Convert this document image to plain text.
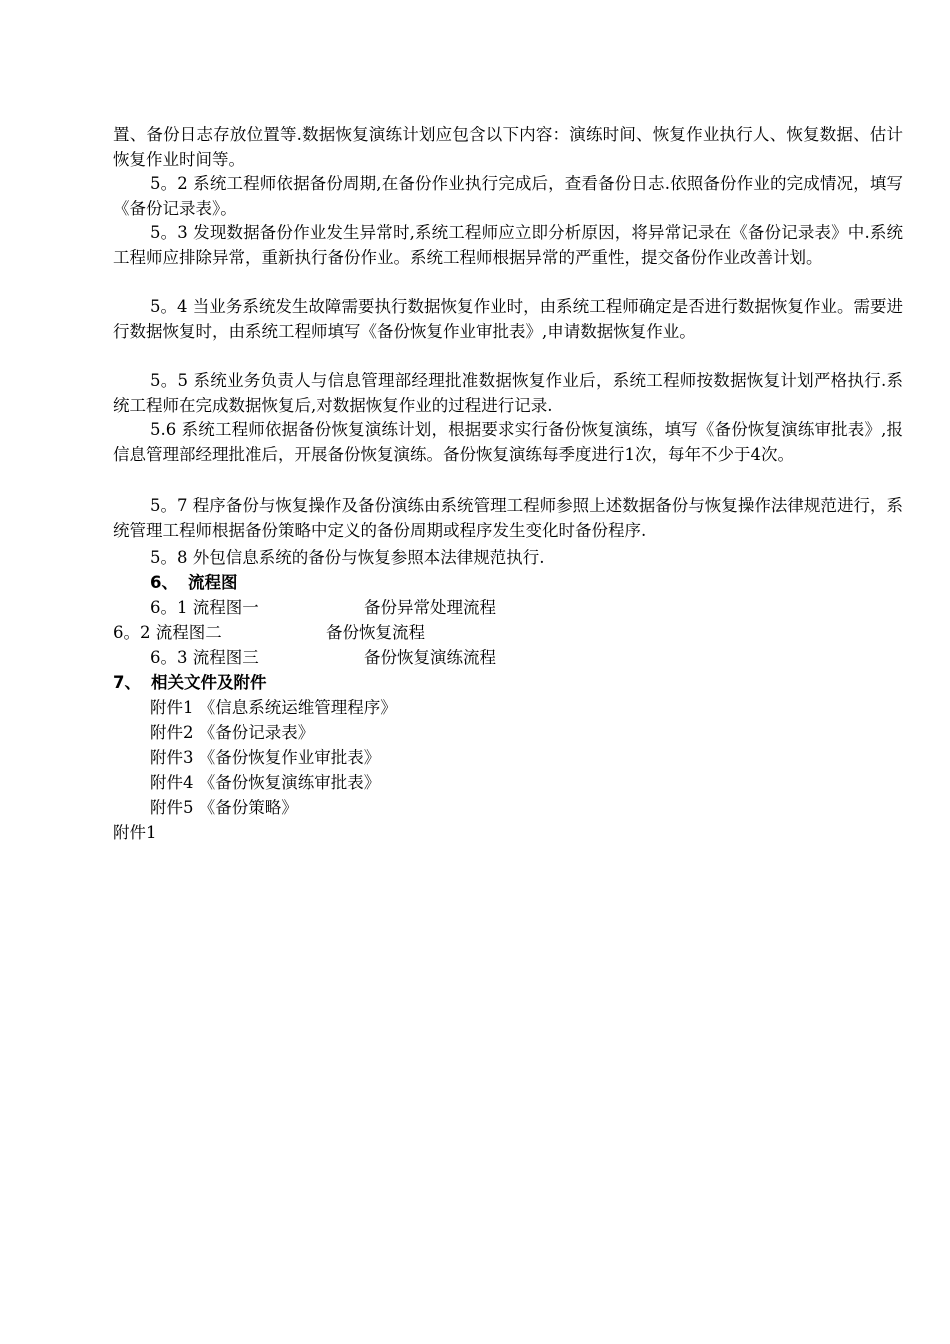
置、备份日志存放位置等.数据恢复演练计划应包含以下内容：演练时间、恢复作业执行人、恢复数据、估计恢复作业时间等。
5。2 系统工程师依据备份周期,在备份作业执行完成后，查看备份日志.依照备份作业的完成情况，填写《备份记录表》。
5。3 发现数据备份作业发生异常时,系统工程师应立即分析原因，将异常记录在《备份记录表》中.系统工程师应排除异常，重新执行备份作业。系统工程师根据异常的严重性，提交备份作业改善计划。
5。4 当业务系统发生故障需要执行数据恢复作业时，由系统工程师确定是否进行数据恢复作业。需要进行数据恢复时，由系统工程师填写《备份恢复作业审批表》,申请数据恢复作业。
5。5 系统业务负责人与信息管理部经理批准数据恢复作业后，系统工程师按数据恢复计划严格执行.系统工程师在完成数据恢复后,对数据恢复作业的过程进行记录.
5.6 系统工程师依据备份恢复演练计划，根据要求实行备份恢复演练，填写《备份恢复演练审批表》,报信息管理部经理批准后，开展备份恢复演练。备份恢复演练每季度进行1次，每年不少于4次。
5。7 程序备份与恢复操作及备份演练由系统管理工程师参照上述数据备份与恢复操作法律规范进行，系统管理工程师根据备份策略中定义的备份周期或程序发生变化时备份程序.
5。8 外包信息系统的备份与恢复参照本法律规范执行.
6、 流程图
6。1 流程图一	备份异常处理流程
6。2 流程图二	备份恢复流程
6。3 流程图三	备份恢复演练流程
7、 相关文件及附件
附件1 《信息系统运维管理程序》
附件2 《备份记录表》
附件3 《备份恢复作业审批表》
附件4 《备份恢复演练审批表》
附件5 《备份策略》
附件1
